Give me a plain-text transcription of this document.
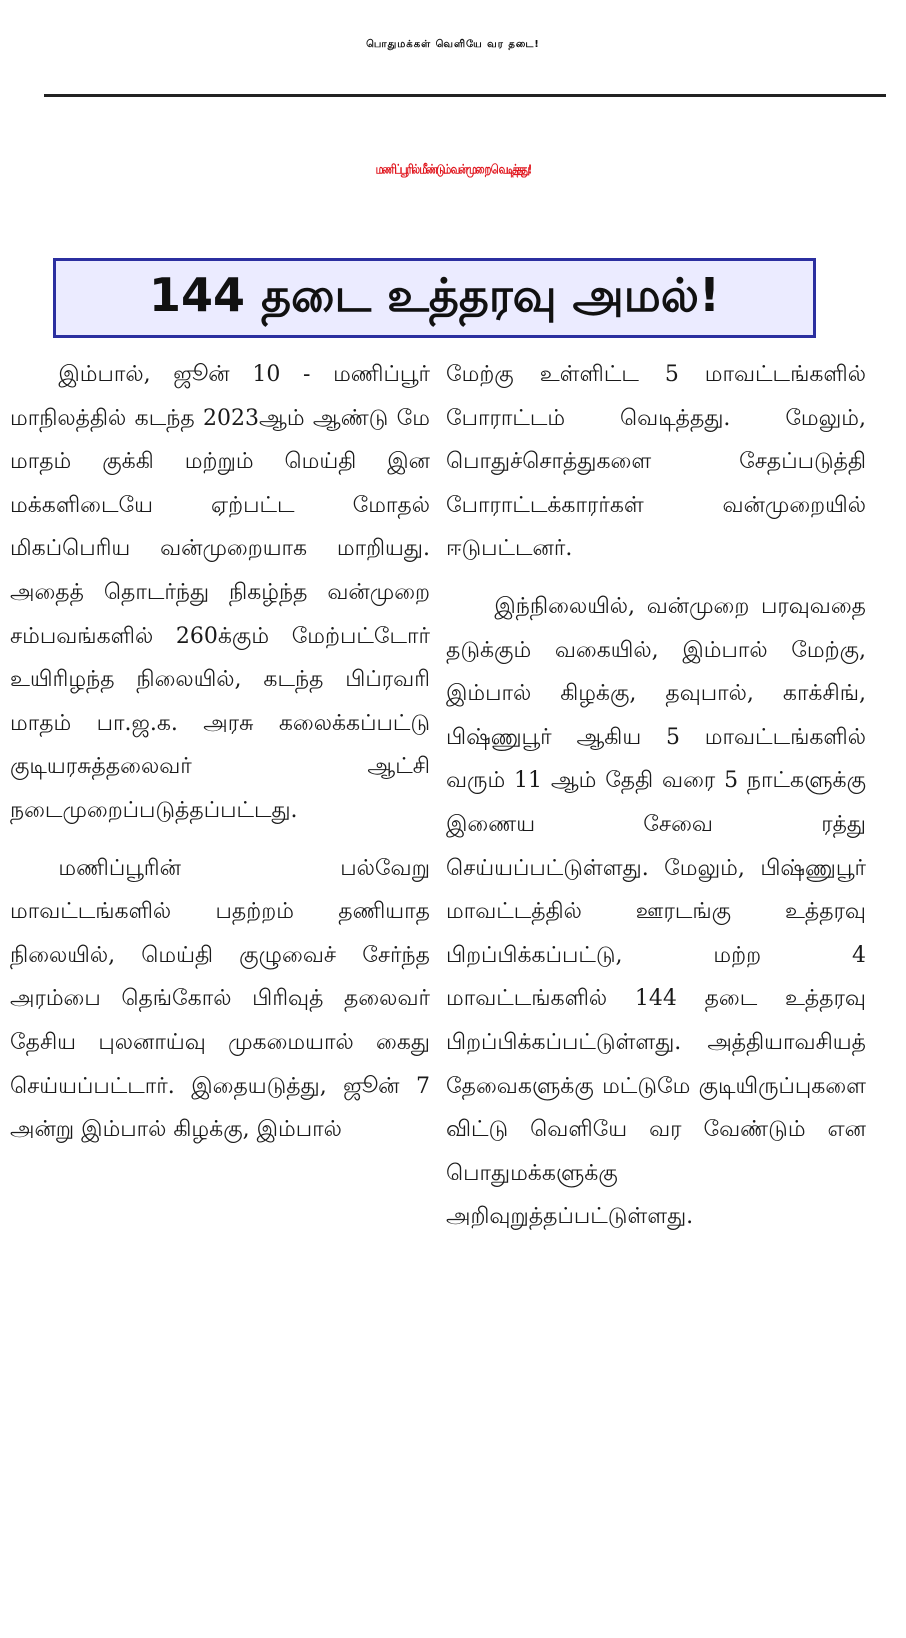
பொதுமக்கள் வெளியே வர தடை!
மணிப்பூரில் மீண்டும் வன்முறை வெடித்தது!
144 தடை உத்தரவு அமல்!

இம்பால், ஜூன் 10 - மணிப்பூர் மாநிலத்தில் கடந்த 2023ஆம் ஆண்டு மே மாதம் குக்கி மற்றும் மெய்தி இன மக்களிடையே ஏற்பட்ட மோதல் மிகப்பெரிய வன்முறையாக மாறியது. அதைத் தொடர்ந்து நிகழ்ந்த வன்முறை சம்பவங்களில் 260க்கும் மேற்பட்டோர் உயிரிழந்த நிலையில், கடந்த பிப்ரவரி மாதம் பா.ஜ.க. அரசு கலைக்கப்பட்டு குடியரசுத்தலைவர் ஆட்சி நடைமுறைப்படுத்தப்பட்டது.

மணிப்பூரின் பல்வேறு மாவட்டங்களில் பதற்றம் தணியாத நிலையில், மெய்தி குழுவைச் சேர்ந்த அரம்பை தெங்கோல் பிரிவுத் தலைவர் தேசிய புலனாய்வு முகமையால் கைது செய்யப்பட்டார். இதையடுத்து, ஜூன் 7 அன்று இம்பால் கிழக்கு, இம்பால்

மேற்கு உள்ளிட்ட 5 மாவட்டங்களில் போராட்டம் வெடித்தது. மேலும், பொதுச்சொத்துகளை சேதப்படுத்தி போராட்டக்காரர்கள் வன்முறையில் ஈடுபட்டனர்.

இந்நிலையில், வன்முறை பரவுவதை தடுக்கும் வகையில், இம்பால் மேற்கு, இம்பால் கிழக்கு, தவுபால், காக்சிங், பிஷ்ணுபூர் ஆகிய 5 மாவட்டங்களில் வரும் 11 ஆம் தேதி வரை 5 நாட்களுக்கு இணைய சேவை ரத்து செய்யப்பட்டுள்ளது. மேலும், பிஷ்ணுபூர் மாவட்டத்தில் ஊரடங்கு உத்தரவு பிறப்பிக்கப்பட்டு, மற்ற 4 மாவட்டங்களில் 144 தடை உத்தரவு பிறப்பிக்கப்பட்டுள்ளது. அத்தியாவசியத் தேவைகளுக்கு மட்டுமே குடியிருப்புகளை விட்டு வெளியே வர வேண்டும் என பொதுமக்களுக்கு அறிவுறுத்தப்பட்டுள்ளது.
